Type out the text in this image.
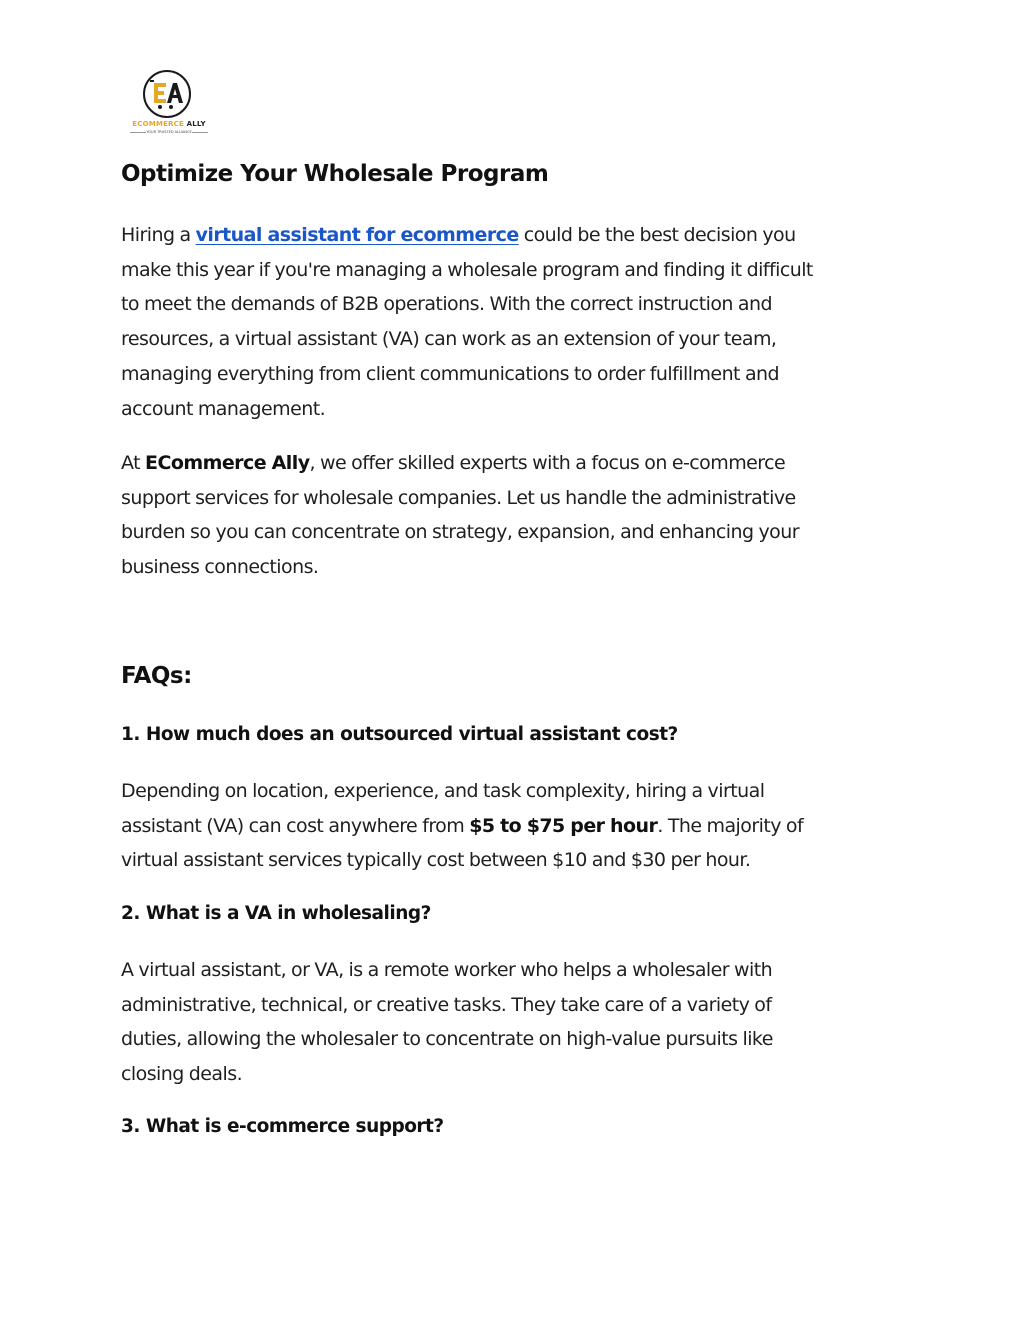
ECOMMERCE ALLY
YOUR TRUSTED ALLIANCE
Optimize Your Wholesale Program

Hiring a virtual assistant for ecommerce could be the best decision you
make this year if you're managing a wholesale program and finding it difficult
to meet the demands of B2B operations. With the correct instruction and
resources, a virtual assistant (VA) can work as an extension of your team,
managing everything from client communications to order fulfillment and
account management.

At ECommerce Ally, we offer skilled experts with a focus on e-commerce
support services for wholesale companies. Let us handle the administrative
burden so you can concentrate on strategy, expansion, and enhancing your
business connections.

FAQs:
1. How much does an outsourced virtual assistant cost?

Depending on location, experience, and task complexity, hiring a virtual
assistant (VA) can cost anywhere from $5 to $75 per hour. The majority of
virtual assistant services typically cost between $10 and $30 per hour.

2. What is a VA in wholesaling?

A virtual assistant, or VA, is a remote worker who helps a wholesaler with
administrative, technical, or creative tasks. They take care of a variety of
duties, allowing the wholesaler to concentrate on high-value pursuits like
closing deals.

3. What is e-commerce support?
